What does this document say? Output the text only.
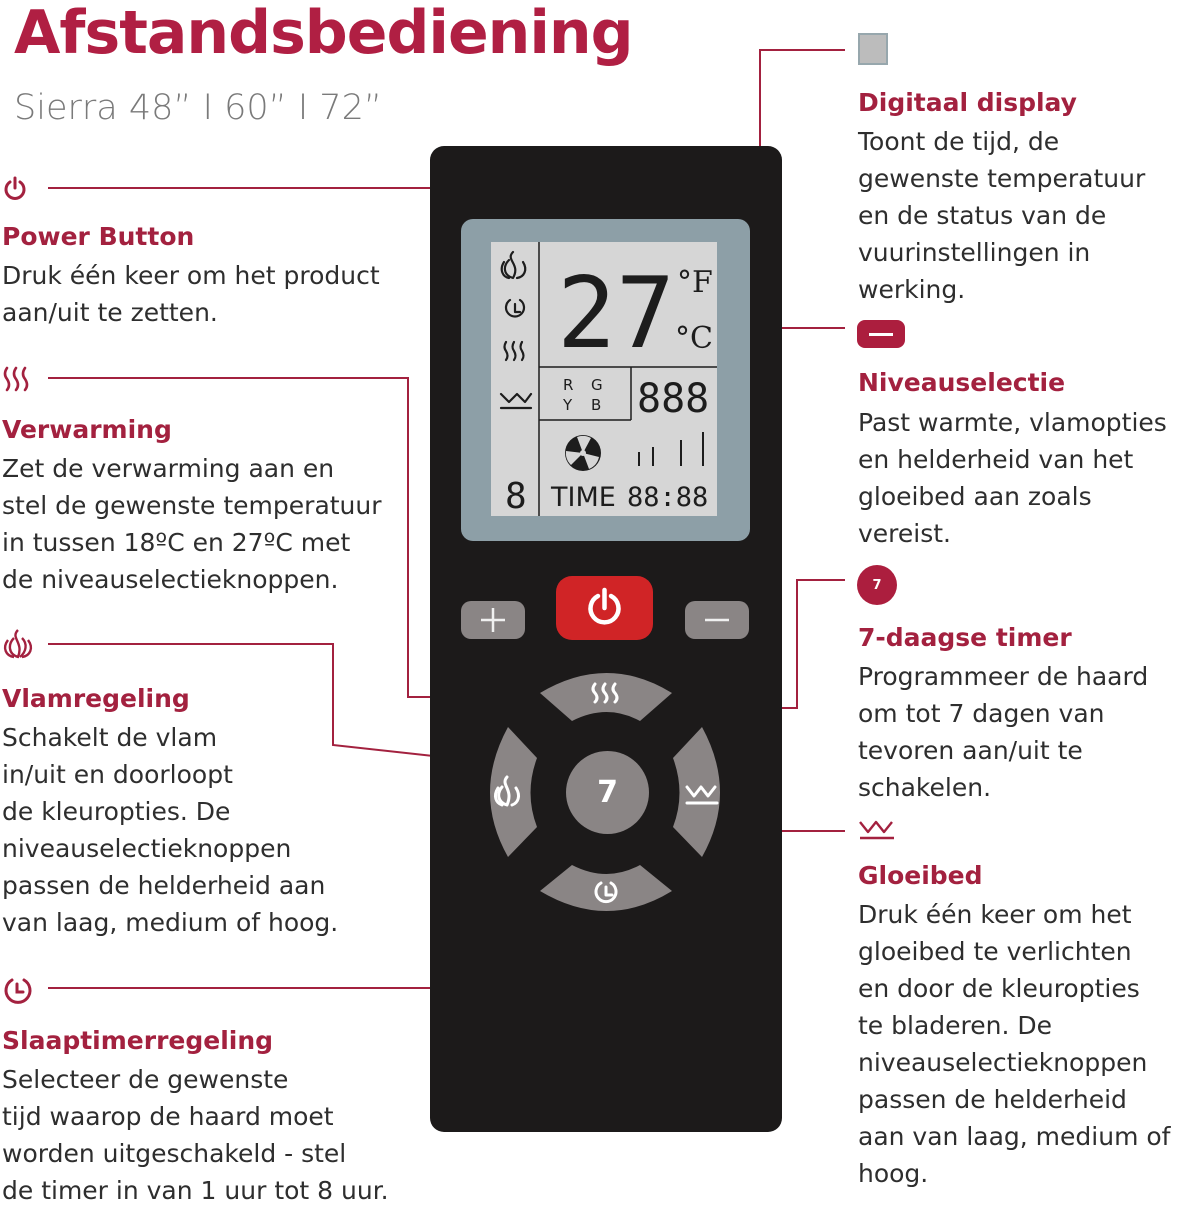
Afstandsbediening
Sierra 48” I 60” I 72”
Power Button
Druk één keer om het product
aan/uit te zetten.
Verwarming
Zet de verwarming aan en
stel de gewenste temperatuur
in tussen 18ºC en 27ºC met
de niveauselectieknoppen.
Vlamregeling
Schakelt de vlam
in/uit en doorloopt
de kleuropties. De
niveauselectieknoppen
passen de helderheid aan
van laag, medium of hoog.
Slaaptimerregeling
Selecteer de gewenste
tijd waarop de haard moet
worden uitgeschakeld - stel
de timer in van 1 uur tot 8 uur.
Digitaal display
Toont de tijd, de
gewenste temperatuur
en de status van de
vuurinstellingen in
werking.
Niveauselectie
Past warmte, vlamopties
en helderheid van het
gloeibed aan zoals
vereist.
7
7-daagse timer
Programmeer de haard
om tot 7 dagen van
tevoren aan/uit te
schakelen.
Gloeibed
Druk één keer om het
gloeibed te verlichten
en door de kleuropties
te bladeren. De
niveauselectieknoppen
passen de helderheid
aan van laag, medium of
hoog.
27 °F
°C
R G
Y B 888
8 TIME 88:88
7
